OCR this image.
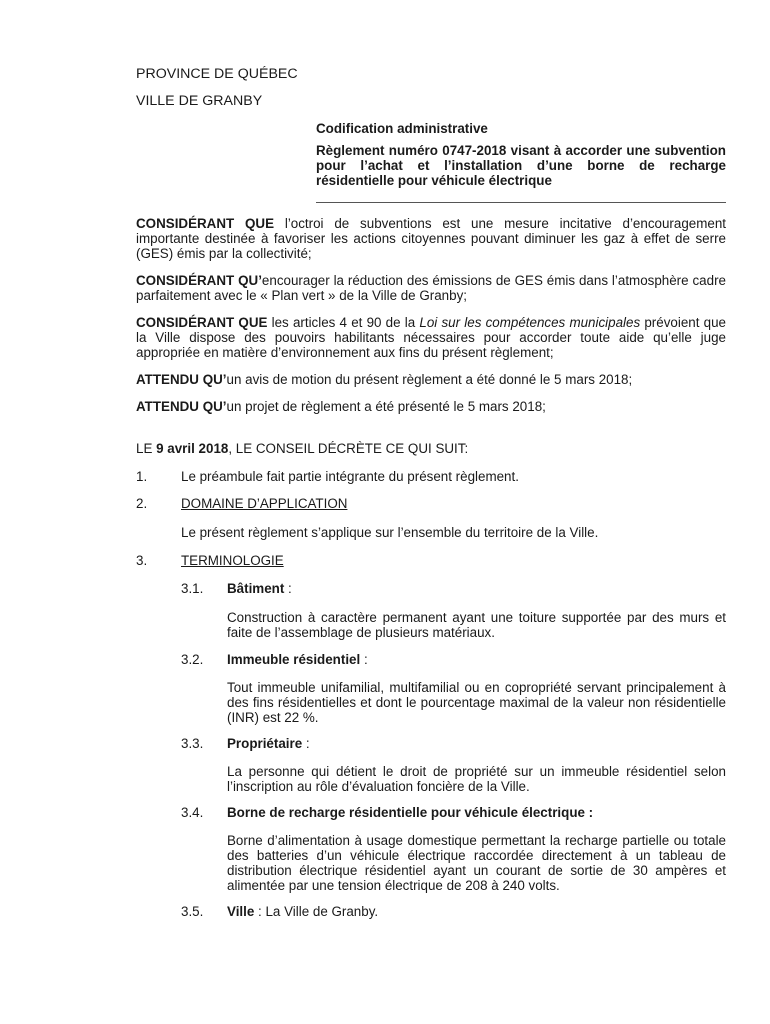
PROVINCE DE QUÉBEC
VILLE DE GRANBY
Codification administrative
Règlement numéro 0747-2018 visant à accorder une subvention pour l’achat et l’installation d’une borne de recharge résidentielle pour véhicule électrique
CONSIDÉRANT QUE l’octroi de subventions est une mesure incitative d’encouragement importante destinée à favoriser les actions citoyennes pouvant diminuer les gaz à effet de serre (GES) émis par la collectivité;
CONSIDÉRANT QU’encourager la réduction des émissions de GES émis dans l’atmosphère cadre parfaitement avec le « Plan vert » de la Ville de Granby;
CONSIDÉRANT QUE les articles 4 et 90 de la Loi sur les compétences municipales prévoient que la Ville dispose des pouvoirs habilitants nécessaires pour accorder toute aide qu’elle juge appropriée en matière d’environnement aux fins du présent règlement;
ATTENDU QU’un avis de motion du présent règlement a été donné le 5 mars 2018;
ATTENDU QU’un projet de règlement a été présenté le 5 mars 2018;
LE 9 avril 2018, LE CONSEIL DÉCRÈTE CE QUI SUIT:
1.	Le préambule fait partie intégrante du présent règlement.
2.	DOMAINE D’APPLICATION
Le présent règlement s’applique sur l’ensemble du territoire de la Ville.
3.	TERMINOLOGIE
3.1. Bâtiment :
Construction à caractère permanent ayant une toiture supportée par des murs et faite de l’assemblage de plusieurs matériaux.
3.2. Immeuble résidentiel :
Tout immeuble unifamilial, multifamilial ou en copropriété servant principalement à des fins résidentielles et dont le pourcentage maximal de la valeur non résidentielle (INR) est 22 %.
3.3. Propriétaire :
La personne qui détient le droit de propriété sur un immeuble résidentiel selon l’inscription au rôle d’évaluation foncière de la Ville.
3.4. Borne de recharge résidentielle pour véhicule électrique :
Borne d’alimentation à usage domestique permettant la recharge partielle ou totale des batteries d’un véhicule électrique raccordée directement à un tableau de distribution électrique résidentiel ayant un courant de sortie de 30 ampères et alimentée par une tension électrique de 208 à 240 volts.
3.5. Ville : La Ville de Granby.
